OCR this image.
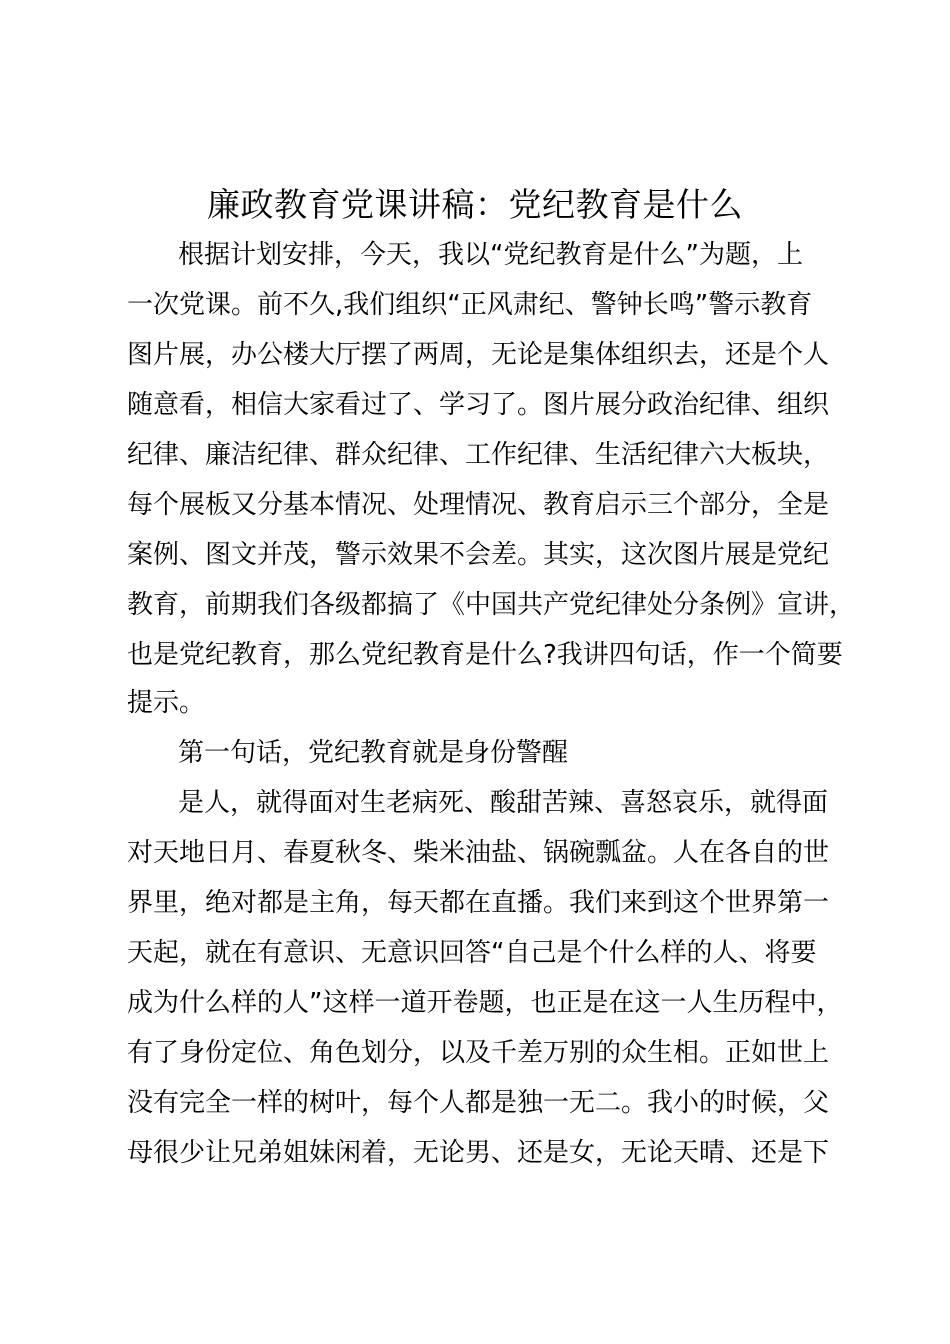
廉政教育党课讲稿：党纪教育是什么
根据计划安排，今天，我以“党纪教育是什么”为题，上
一次党课。前不久,我们组织“正风肃纪、警钟长鸣”警示教育
图片展，办公楼大厅摆了两周，无论是集体组织去，还是个人
随意看，相信大家看过了、学习了。图片展分政治纪律、组织
纪律、廉洁纪律、群众纪律、工作纪律、生活纪律六大板块，
每个展板又分基本情况、处理情况、教育启示三个部分，全是
案例、图文并茂，警示效果不会差。其实，这次图片展是党纪
教育，前期我们各级都搞了《中国共产党纪律处分条例》宣讲，
也是党纪教育，那么党纪教育是什么?我讲四句话，作一个简要
提示。
第一句话，党纪教育就是身份警醒
是人，就得面对生老病死、酸甜苦辣、喜怒哀乐，就得面
对天地日月、春夏秋冬、柴米油盐、锅碗瓢盆。人在各自的世
界里，绝对都是主角，每天都在直播。我们来到这个世界第一
天起，就在有意识、无意识回答“自己是个什么样的人、将要
成为什么样的人”这样一道开卷题，也正是在这一人生历程中，
有了身份定位、角色划分，以及千差万别的众生相。正如世上
没有完全一样的树叶，每个人都是独一无二。我小的时候，父
母很少让兄弟姐妹闲着，无论男、还是女，无论天晴、还是下
